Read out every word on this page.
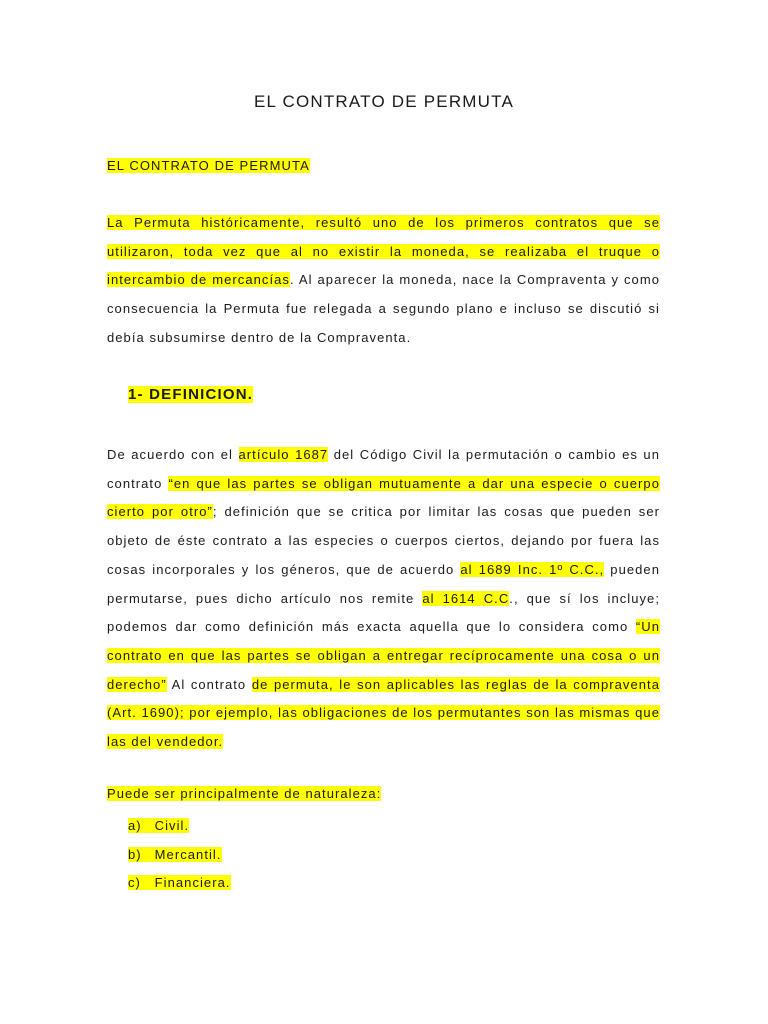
EL CONTRATO DE PERMUTA
EL CONTRATO DE PERMUTA

La Permuta históricamente, resultó uno de los primeros contratos que se utilizaron, toda vez que al no existir la moneda, se realizaba el truque o intercambio de mercancías. Al aparecer la moneda, nace la Compraventa y como consecuencia la Permuta fue relegada a segundo plano e incluso se discutió si debía subsumirse dentro de la Compraventa.

1- DEFINICION.

De acuerdo con el artículo 1687 del Código Civil la permutación o cambio es un contrato “en que las partes se obligan mutuamente a dar una especie o cuerpo cierto por otro”; definición que se critica por limitar las cosas que pueden ser objeto de éste contrato a las especies o cuerpos ciertos, dejando por fuera las cosas incorporales y los géneros, que de acuerdo al 1689 Inc. 1º C.C., pueden permutarse, pues dicho artículo nos remite al 1614 C.C., que sí los incluye; podemos dar como definición más exacta aquella que lo considera como “Un contrato en que las partes se obligan a entregar recíprocamente una cosa o un derecho” Al contrato de permuta, le son aplicables las reglas de la compraventa (Art. 1690); por ejemplo, las obligaciones de los permutantes son las mismas que las del vendedor.

Puede ser principalmente de naturaleza:
a) Civil.
b) Mercantil.
c) Financiera.
